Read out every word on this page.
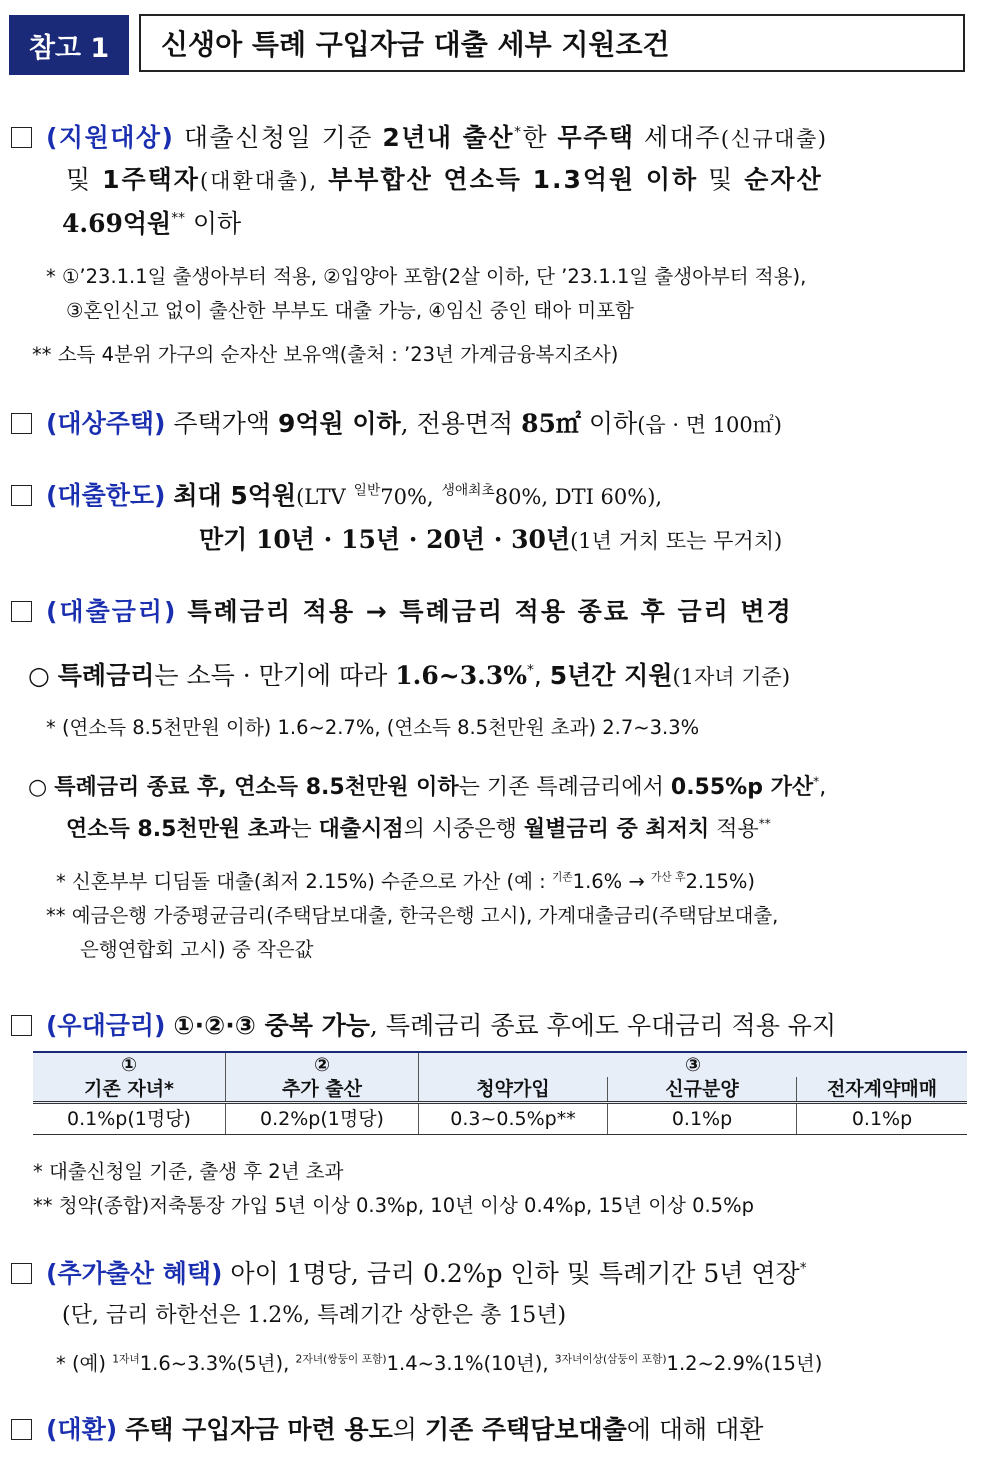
참고 1	신생아 특례 구입자금 대출 세부 지원조건
(지원대상) 대출신청일 기준 2년내 출산*한 무주택 세대주(신규대출)
및 1주택자(대환대출), 부부합산 연소득 1.3억원 이하 및 순자산
4.69억원** 이하
* ①’23.1.1일 출생아부터 적용, ②입양아 포함(2살 이하, 단 ’23.1.1일 출생아부터 적용),
③혼인신고 없이 출산한 부부도 대출 가능, ④임신 중인 태아 미포함
** 소득 4분위 가구의 순자산 보유액(출처 : ’23년 가계금융복지조사)
(대상주택) 주택가액 9억원 이하, 전용면적 85㎡ 이하(읍 · 면 100㎡)
(대출한도) 최대 5억원(LTV $^{일반}$70%, $^{생애최초}$80%, DTI 60%),
만기 10년 · 15년 · 20년 · 30년(1년 거치 또는 무거치)
(대출금리) 특례금리 적용 → 특례금리 적용 종료 후 금리 변경
○ 특례금리는 소득 · 만기에 따라 1.6~3.3%*, 5년간 지원(1자녀 기준)
* (연소득 8.5천만원 이하) 1.6~2.7%, (연소득 8.5천만원 초과) 2.7~3.3%
○ 특례금리 종료 후, 연소득 8.5천만원 이하는 기존 특례금리에서 0.55%p 가산*,
연소득 8.5천만원 초과는 대출시점의 시중은행 월별금리 중 최저치 적용**
* 신혼부부 디딤돌 대출(최저 2.15%) 수준으로 가산 (예 : $^{기존}$1.6% → $^{가산 후}$2.15%)
** 예금은행 가중평균금리(주택담보대출, 한국은행 고시), 가계대출금리(주택담보대출,
은행연합회 고시) 중 작은값
(우대금리) ①·②·③ 중복 가능, 특례금리 종료 후에도 우대금리 적용 유지
①	②	③		
기존 자녀*	추가 출산	청약가입	신규분양	전자계약매매
0.1%p(1명당)	0.2%p(1명당)	0.3~0.5%p**	0.1%p	0.1%p
* 대출신청일 기준, 출생 후 2년 초과
** 청약(종합)저축통장 가입 5년 이상 0.3%p, 10년 이상 0.4%p, 15년 이상 0.5%p
(추가출산 혜택) 아이 1명당, 금리 0.2%p 인하 및 특례기간 5년 연장*
(단, 금리 하한선은 1.2%, 특례기간 상한은 총 15년)
* (예) $^{1자녀}$1.6~3.3%(5년), $^{2자녀(쌍둥이 포함)}$1.4~3.1%(10년), $^{3자녀이상(삼둥이 포함)}$1.2~2.9%(15년)
(대환) 주택 구입자금 마련 용도의 기존 주택담보대출에 대해 대환
